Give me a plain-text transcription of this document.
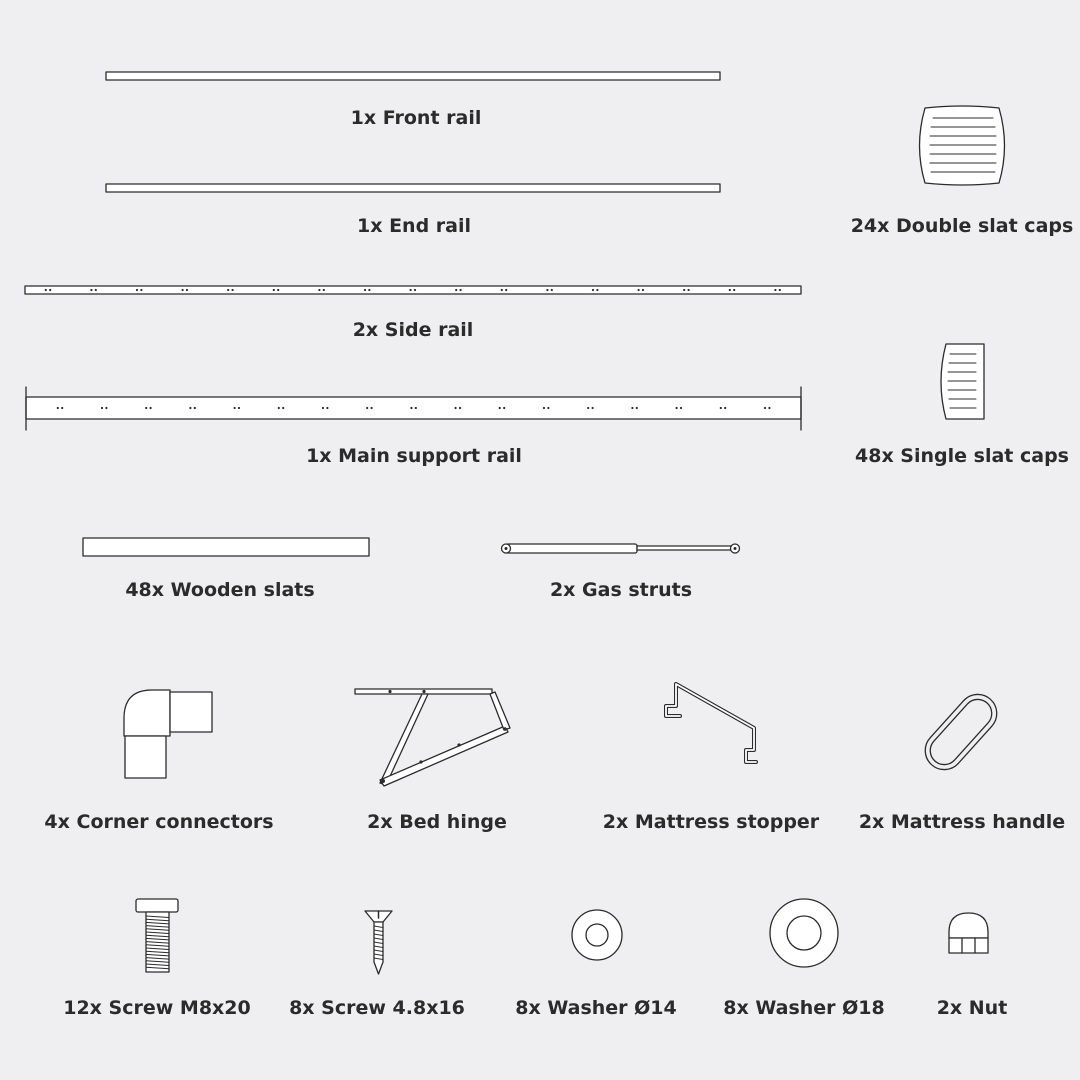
1x Front rail
1x End rail
2x Side rail
1x Main support rail
24x Double slat caps
48x Single slat caps
48x Wooden slats	2x Gas struts
4x Corner connectors	2x Bed hinge	2x Mattress stopper 2x Mattress handle
12x Screw M8x20 8x Screw 4.8x16	8x Washer Ø14 8x Washer Ø18	2x Nut
